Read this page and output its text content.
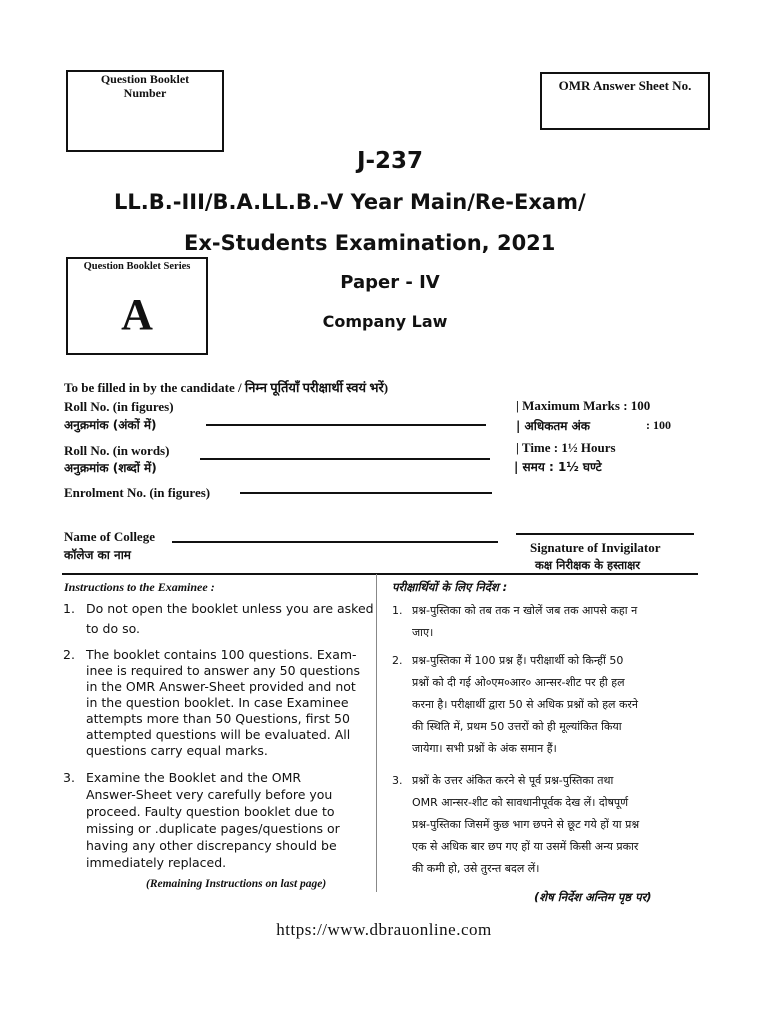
Question Booklet
Number	OMR Answer Sheet No.
J-237
LL.B.-III/B.A.LL.B.-V Year Main/Re-Exam/
Ex-Students Examination, 2021
Paper - IV
Company Law
Question Booklet Series
A
To be filled in by the candidate / निम्न पूर्तियाँ परीक्षार्थी स्वयं भरें)
Roll No. (in figures)
अनुक्रमांक (अंकों में)
Roll No. (in words)
अनुक्रमांक (शब्दों में)
Enrolment No. (in figures)
Name of College
कॉलेज का नाम
| Maximum Marks : 100
| अधिकतम अंक	: 100
| Time : 1½ Hours
| समय : 1½ घण्टे
Signature of Invigilator
कक्ष निरीक्षक के हस्ताक्षर
Instructions to the Examinee :
1. Do not open the booklet unless you are asked
to do so.
2. The booklet contains 100 questions. Exam-
inee is required to answer any 50 questions
in the OMR Answer-Sheet provided and not
in the question booklet. In case Examinee
attempts more than 50 Questions, first 50
attempted questions will be evaluated. All
questions carry equal marks.
3. Examine the Booklet and the OMR
Answer-Sheet very carefully before you
proceed. Faulty question booklet due to
missing or .duplicate pages/questions or
having any other discrepancy should be
immediately replaced.
(Remaining Instructions on last page)
परीक्षार्थियों के लिए निर्देश :
1. प्रश्न-पुस्तिका को तब तक न खोलें जब तक आपसे कहा न
जाए।
2. प्रश्न-पुस्तिका में 100 प्रश्न हैं। परीक्षार्थी को किन्हीं 50
प्रश्नों को दी गई ओ०एम०आर० आन्सर-शीट पर ही हल
करना है। परीक्षार्थी द्वारा 50 से अधिक प्रश्नों को हल करने
की स्थिति में, प्रथम 50 उत्तरों को ही मूल्यांकित किया
जायेगा। सभी प्रश्नों के अंक समान हैं।
3. प्रश्नों के उत्तर अंकित करने से पूर्व प्रश्न-पुस्तिका तथा
OMR आन्सर-शीट को सावधानीपूर्वक देख लें। दोषपूर्ण
प्रश्न-पुस्तिका जिसमें कुछ भाग छपने से छूट गये हों या प्रश्न
एक से अधिक बार छप गए हों या उसमें किसी अन्य प्रकार
की कमी हो, उसे तुरन्त बदल लें।
(शेष निर्देश अन्तिम पृष्ठ पर)
https://www.dbrauonline.com
